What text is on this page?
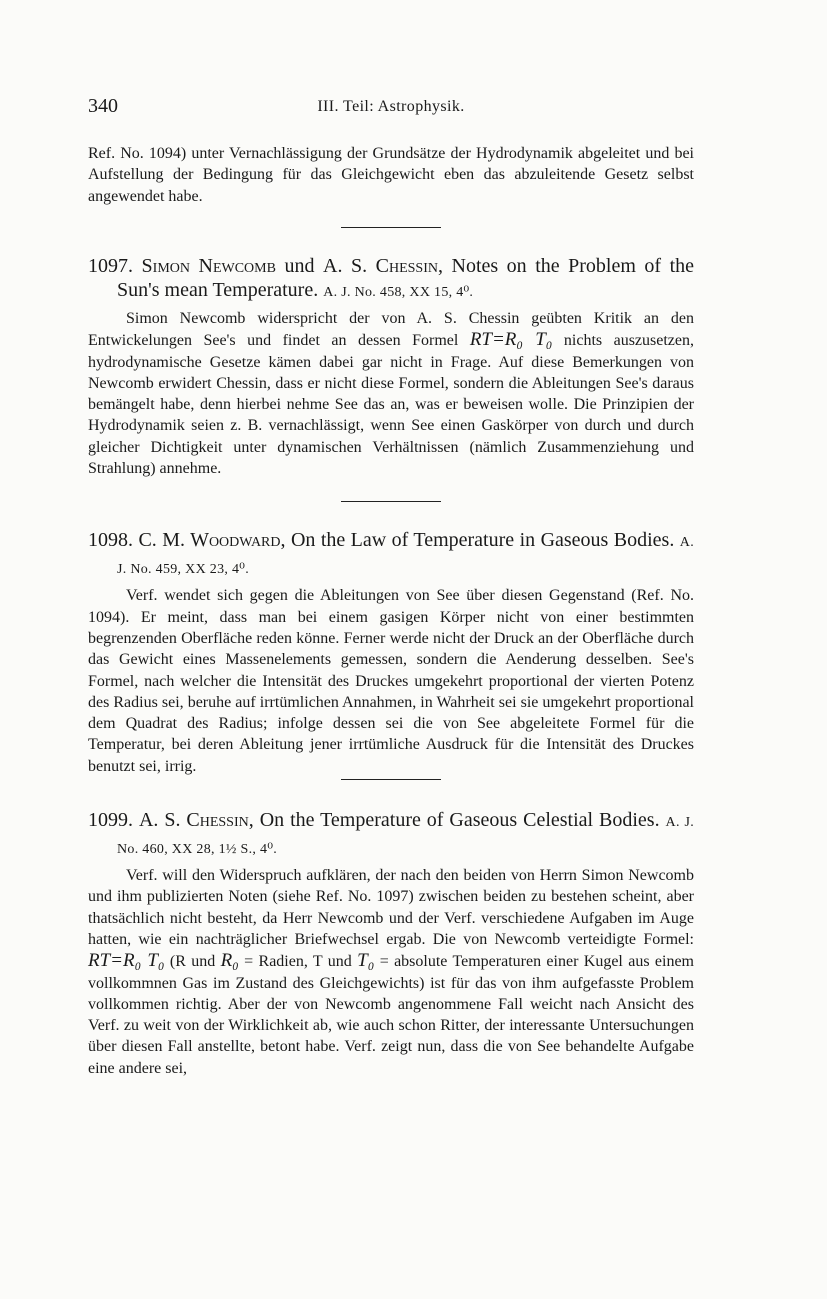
340	III. Teil: Astrophysik.

Ref. No. 1094) unter Vernachlässigung der Grundsätze der Hydrodynamik abgeleitet und bei Aufstellung der Bedingung für das Gleichgewicht eben das abzuleitende Gesetz selbst angewendet habe.

1097. Simon Newcomb und A. S. Chessin, Notes on the Problem of the Sun's mean Temperature. A. J. No. 458, XX 15, 4⁰.

Simon Newcomb widerspricht der von A. S. Chessin geübten Kritik an den Entwickelungen See's und findet an dessen Formel RT=R₀ T₀ nichts auszusetzen, hydrodynamische Gesetze kämen dabei gar nicht in Frage. Auf diese Bemerkungen von Newcomb erwidert Chessin, dass er nicht diese Formel, sondern die Ableitungen See's daraus bemängelt habe, denn hierbei nehme See das an, was er beweisen wolle. Die Prinzipien der Hydrodynamik seien z. B. vernachlässigt, wenn See einen Gaskörper von durch und durch gleicher Dichtigkeit unter dynamischen Verhältnissen (nämlich Zusammenziehung und Strahlung) annehme.

1098. C. M. Woodward, On the Law of Temperature in Gaseous Bodies. A. J. No. 459, XX 23, 4⁰.

Verf. wendet sich gegen die Ableitungen von See über diesen Gegenstand (Ref. No. 1094). Er meint, dass man bei einem gasigen Körper nicht von einer bestimmten begrenzenden Oberfläche reden könne. Ferner werde nicht der Druck an der Oberfläche durch das Gewicht eines Massenelements gemessen, sondern die Aenderung desselben. See's Formel, nach welcher die Intensität des Druckes umgekehrt proportional der vierten Potenz des Radius sei, beruhe auf irrtümlichen Annahmen, in Wahrheit sei sie umgekehrt proportional dem Quadrat des Radius; infolge dessen sei die von See abgeleitete Formel für die Temperatur, bei deren Ableitung jener irrtümliche Ausdruck für die Intensität des Druckes benutzt sei, irrig.

1099. A. S. Chessin, On the Temperature of Gaseous Celestial Bodies. A. J. No. 460, XX 28, 1½ S., 4⁰.

Verf. will den Widerspruch aufklären, der nach den beiden von Herrn Simon Newcomb und ihm publizierten Noten (siehe Ref. No. 1097) zwischen beiden zu bestehen scheint, aber thatsächlich nicht besteht, da Herr Newcomb und der Verf. verschiedene Aufgaben im Auge hatten, wie ein nachträglicher Briefwechsel ergab. Die von Newcomb verteidigte Formel: RT=R₀ T₀ (R und R₀ = Radien, T und T₀ = absolute Temperaturen einer Kugel aus einem vollkommnen Gas im Zustand des Gleichgewichts) ist für das von ihm aufgefasste Problem vollkommen richtig. Aber der von Newcomb angenommene Fall weicht nach Ansicht des Verf. zu weit von der Wirklichkeit ab, wie auch schon Ritter, der interessante Untersuchungen über diesen Fall anstellte, betont habe. Verf. zeigt nun, dass die von See behandelte Aufgabe eine andere sei,
